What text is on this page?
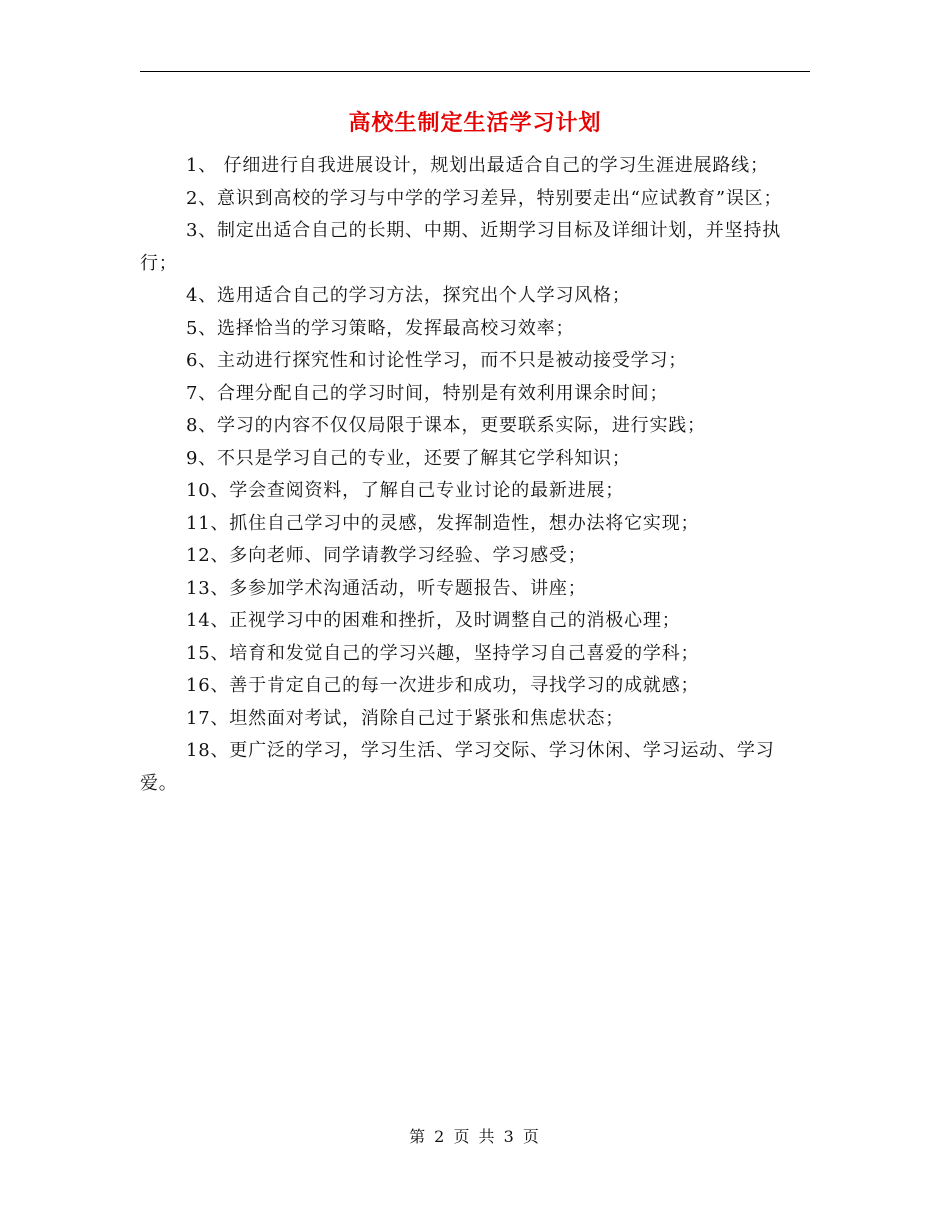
高校生制定生活学习计划

1、 仔细进行自我进展设计，规划出最适合自己的学习生涯进展路线；

2、意识到高校的学习与中学的学习差异，特别要走出“应试教育”误区；

3、制定出适合自己的长期、中期、近期学习目标及详细计划，并坚持执行；

4、选用适合自己的学习方法，探究出个人学习风格；

5、选择恰当的学习策略，发挥最高校习效率；

6、主动进行探究性和讨论性学习，而不只是被动接受学习；

7、合理分配自己的学习时间，特别是有效利用课余时间；

8、学习的内容不仅仅局限于课本，更要联系实际，进行实践；

9、不只是学习自己的专业，还要了解其它学科知识；

10、学会查阅资料，了解自己专业讨论的最新进展；

11、抓住自己学习中的灵感，发挥制造性，想办法将它实现；

12、多向老师、同学请教学习经验、学习感受；

13、多参加学术沟通活动，听专题报告、讲座；

14、正视学习中的困难和挫折，及时调整自己的消极心理；

15、培育和发觉自己的学习兴趣，坚持学习自己喜爱的学科；

16、善于肯定自己的每一次进步和成功，寻找学习的成就感；

17、坦然面对考试，消除自己过于紧张和焦虑状态；

18、更广泛的学习，学习生活、学习交际、学习休闲、学习运动、学习爱。

第 2 页 共 3 页
